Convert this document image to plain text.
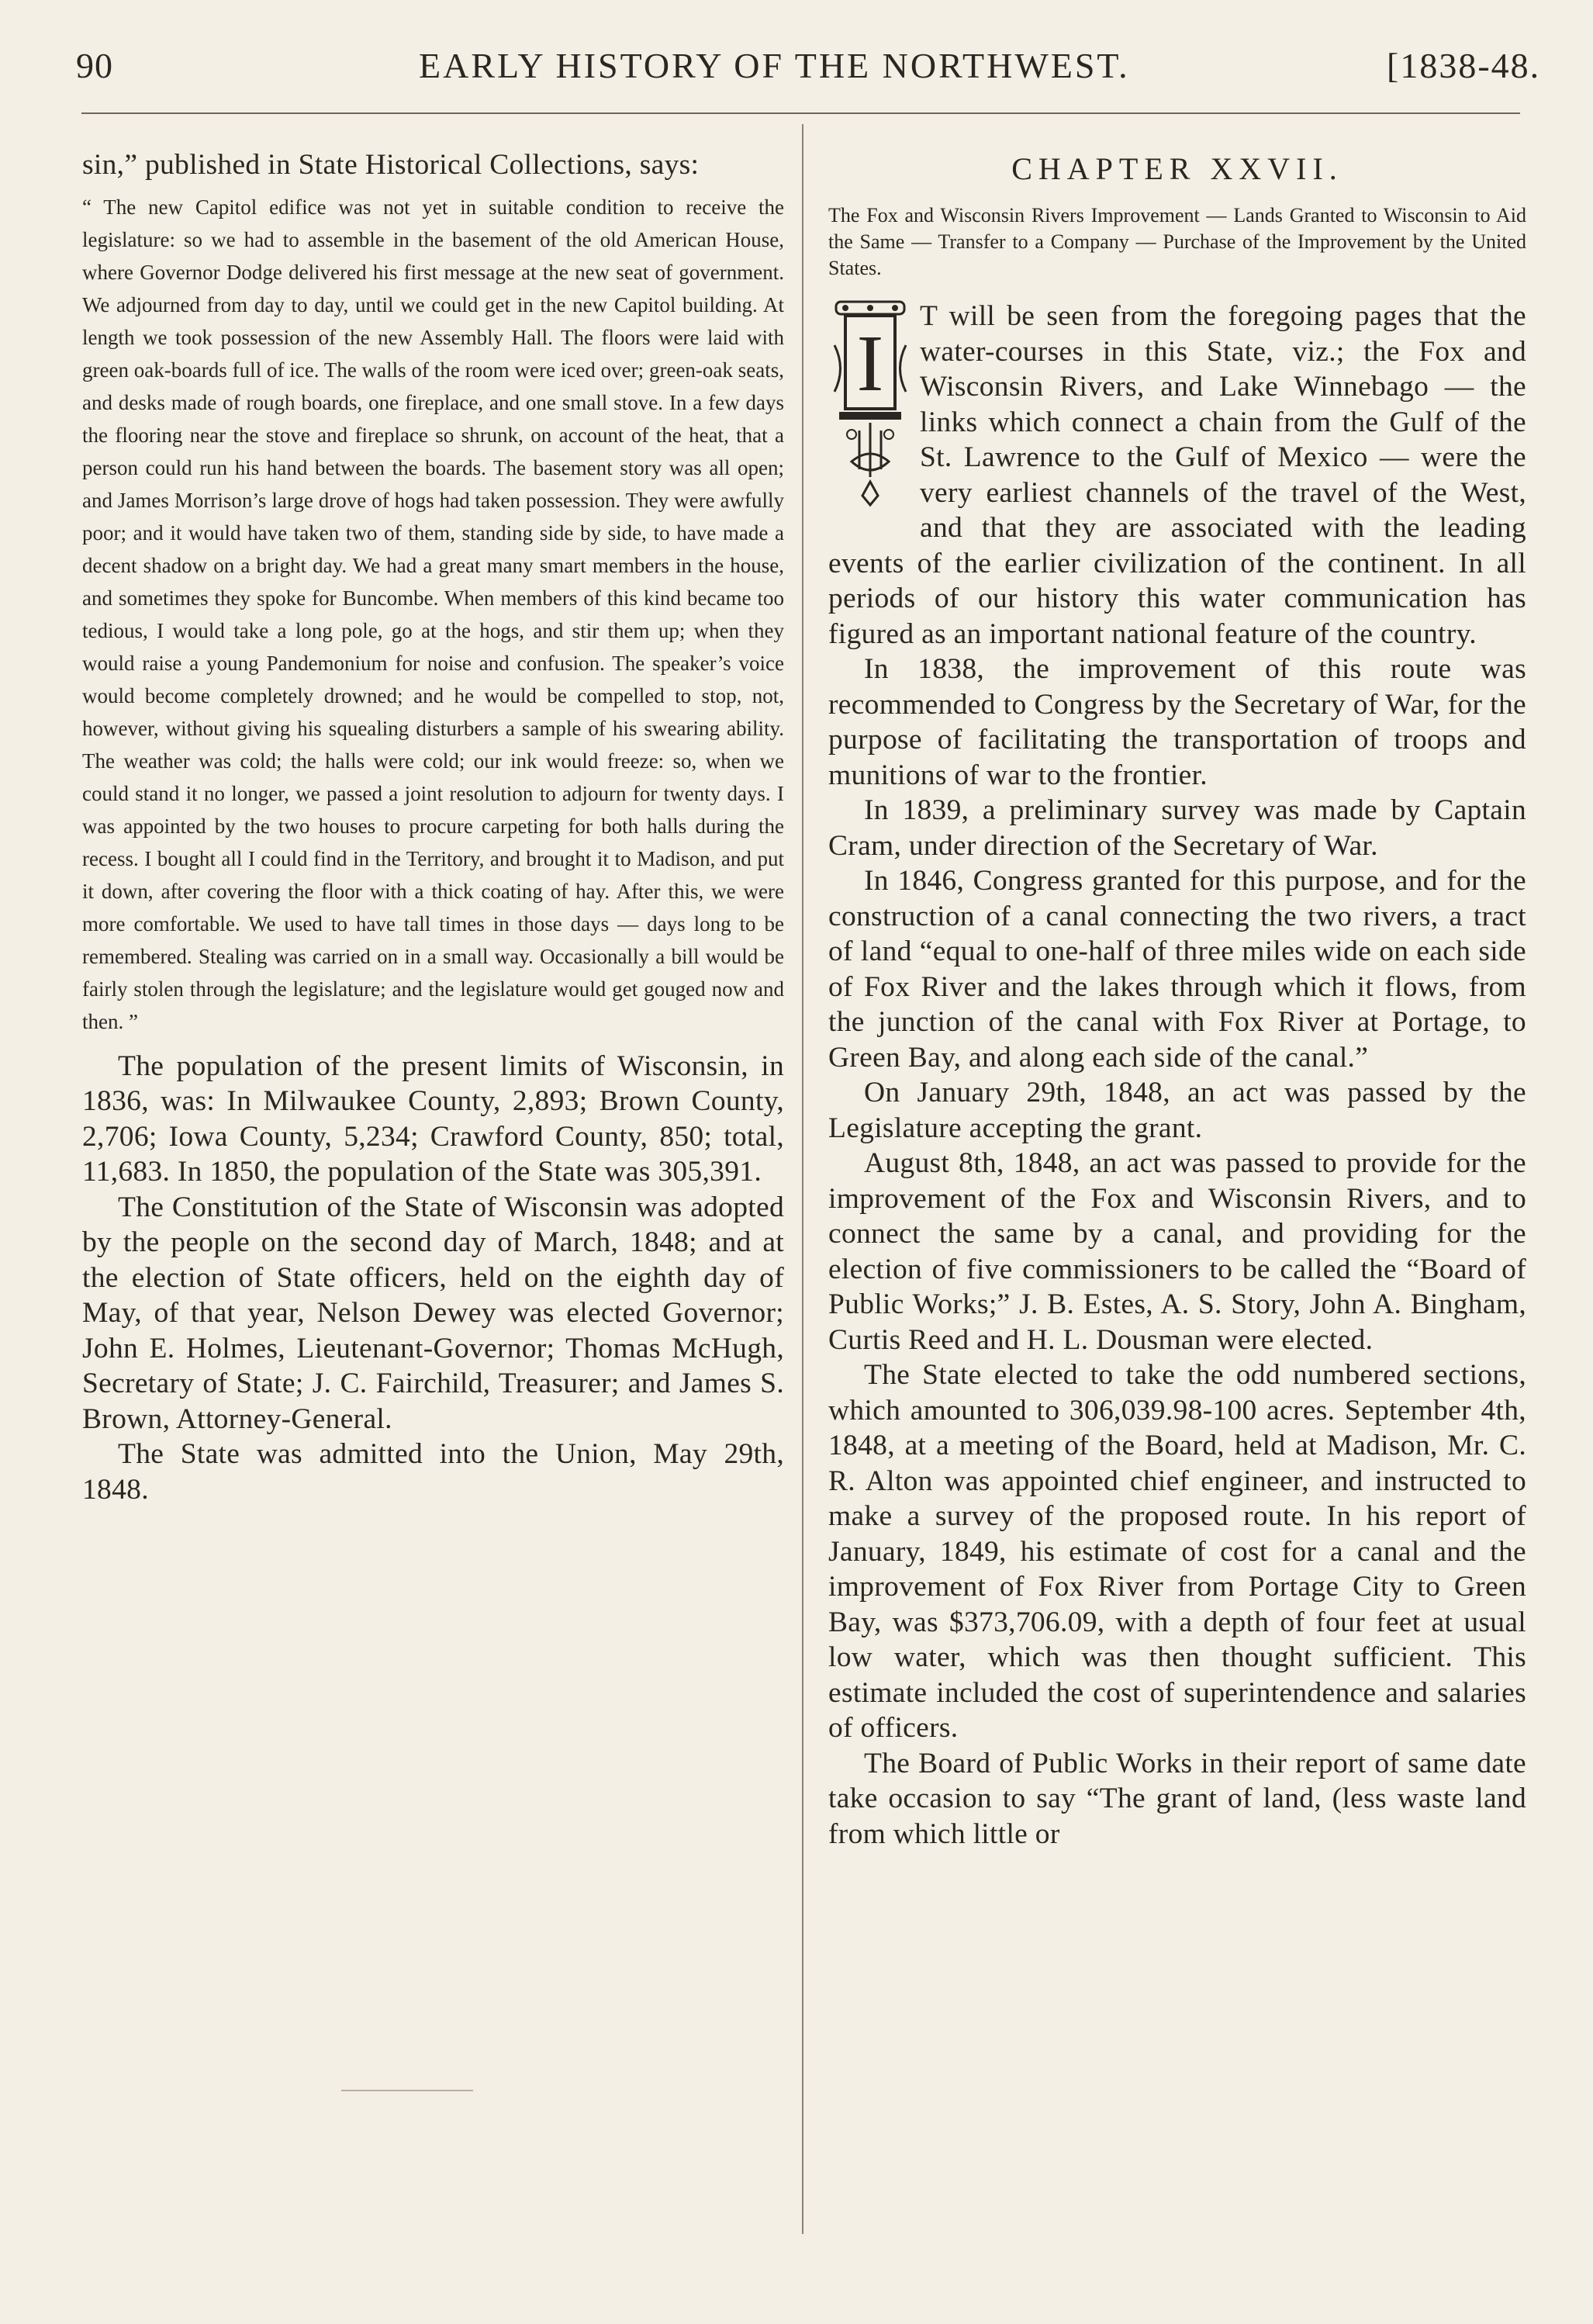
90	EARLY HISTORY OF THE NORTHWEST.	[1838-48.

sin,” published in State Historical Collections, says:

“ The new Capitol edifice was not yet in suitable condition to receive the legislature: so we had to assemble in the basement of the old American House, where Governor Dodge delivered his first message at the new seat of government. We adjourned from day to day, until we could get in the new Capitol building. At length we took possession of the new Assembly Hall. The floors were laid with green oak-boards full of ice. The walls of the room were iced over; green-oak seats, and desks made of rough boards, one fireplace, and one small stove. In a few days the flooring near the stove and fireplace so shrunk, on account of the heat, that a person could run his hand between the boards. The basement story was all open; and James Morrison’s large drove of hogs had taken possession. They were awfully poor; and it would have taken two of them, standing side by side, to have made a decent shadow on a bright day. We had a great many smart members in the house, and sometimes they spoke for Buncombe. When members of this kind became too tedious, I would take a long pole, go at the hogs, and stir them up; when they would raise a young Pandemonium for noise and confusion. The speaker’s voice would become completely drowned; and he would be compelled to stop, not, however, without giving his squealing disturbers a sample of his swearing ability. The weather was cold; the halls were cold; our ink would freeze: so, when we could stand it no longer, we passed a joint resolution to adjourn for twenty days. I was appointed by the two houses to procure carpeting for both halls during the recess. I bought all I could find in the Territory, and brought it to Madison, and put it down, after covering the floor with a thick coating of hay. After this, we were more comfortable. We used to have tall times in those days — days long to be remembered. Stealing was carried on in a small way. Occasionally a bill would be fairly stolen through the legislature; and the legislature would get gouged now and then. ”

The population of the present limits of Wisconsin, in 1836, was: In Milwaukee County, 2,893; Brown County, 2,706; Iowa County, 5,234; Crawford County, 850; total, 11,683. In 1850, the population of the State was 305,391.

The Constitution of the State of Wisconsin was adopted by the people on the second day of March, 1848; and at the election of State officers, held on the eighth day of May, of that year, Nelson Dewey was elected Governor; John E. Holmes, Lieutenant-Governor; Thomas McHugh, Secretary of State; J. C. Fairchild, Treasurer; and James S. Brown, Attorney-General.

The State was admitted into the Union, May 29th, 1848.

CHAPTER XXVII.

The Fox and Wisconsin Rivers Improvement — Lands Granted to Wisconsin to Aid the Same — Transfer to a Company — Purchase of the Improvement by the United States.

I

T will be seen from the foregoing pages that the water-courses in this State, viz.; the Fox and Wisconsin Rivers, and Lake Winnebago — the links which connect a chain from the Gulf of the St. Lawrence to the Gulf of Mexico — were the very earliest channels of the travel of the West, and that they are associated with the leading events of the earlier civilization of the continent. In all periods of our history this water communication has figured as an important national feature of the country.

In 1838, the improvement of this route was recommended to Congress by the Secretary of War, for the purpose of facilitating the transportation of troops and munitions of war to the frontier.

In 1839, a preliminary survey was made by Captain Cram, under direction of the Secretary of War.

In 1846, Congress granted for this purpose, and for the construction of a canal connecting the two rivers, a tract of land “equal to one-half of three miles wide on each side of Fox River and the lakes through which it flows, from the junction of the canal with Fox River at Portage, to Green Bay, and along each side of the canal.”

On January 29th, 1848, an act was passed by the Legislature accepting the grant.

August 8th, 1848, an act was passed to provide for the improvement of the Fox and Wisconsin Rivers, and to connect the same by a canal, and providing for the election of five commissioners to be called the “Board of Public Works;” J. B. Estes, A. S. Story, John A. Bingham, Curtis Reed and H. L. Dousman were elected.

The State elected to take the odd numbered sections, which amounted to 306,039.98-100 acres. September 4th, 1848, at a meeting of the Board, held at Madison, Mr. C. R. Alton was appointed chief engineer, and instructed to make a survey of the proposed route. In his report of January, 1849, his estimate of cost for a canal and the improvement of Fox River from Portage City to Green Bay, was $373,706.09, with a depth of four feet at usual low water, which was then thought sufficient. This estimate included the cost of superintendence and salaries of officers.

The Board of Public Works in their report of same date take occasion to say “The grant of land, (less waste land from which little or
